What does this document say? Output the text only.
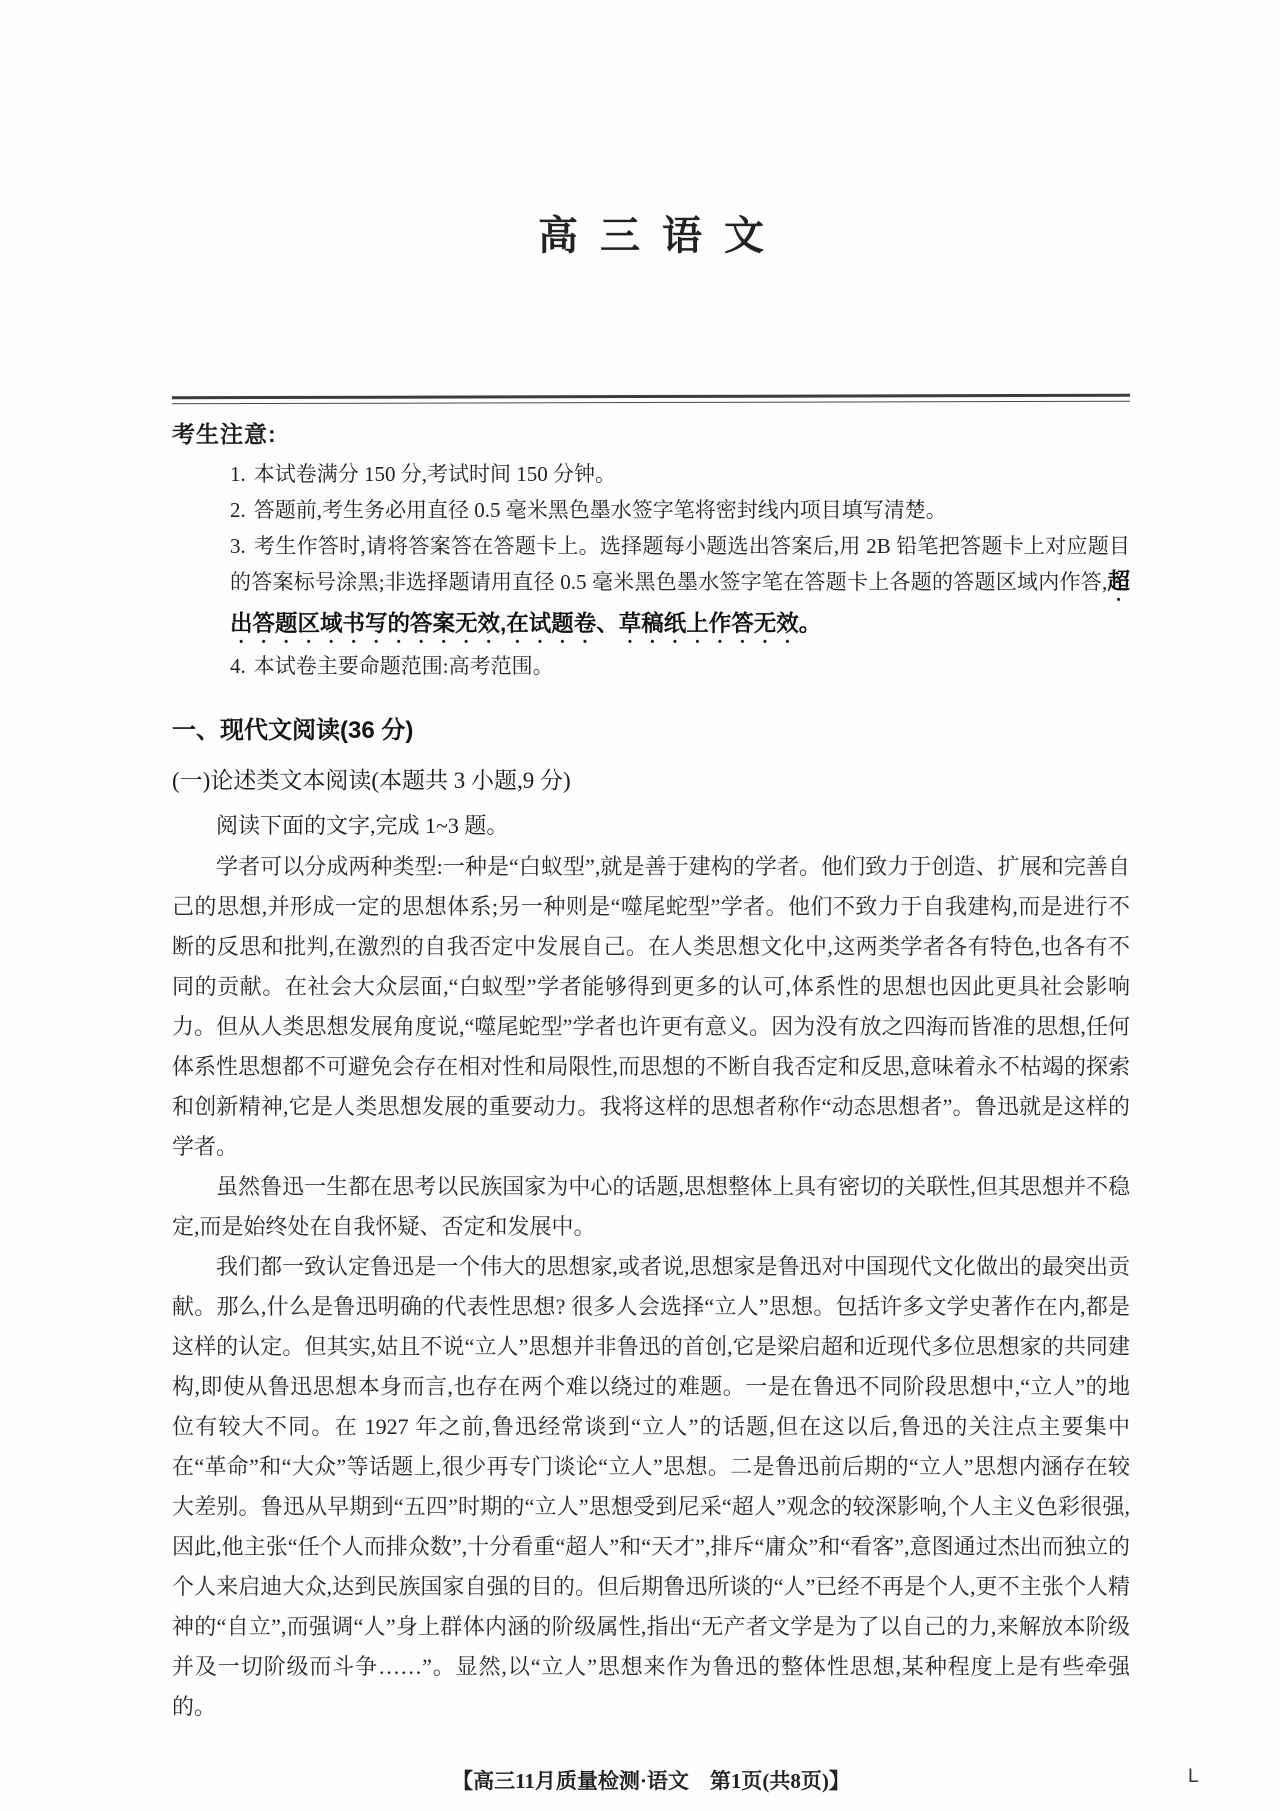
高三语文
考生注意:
1. 本试卷满分 150 分,考试时间 150 分钟。
2. 答题前,考生务必用直径 0.5 毫米黑色墨水签字笔将密封线内项目填写清楚。
3. 考生作答时,请将答案答在答题卡上。选择题每小题选出答案后,用 2B 铅笔把答题卡上对应题目的答案标号涂黑;非选择题请用直径 0.5 毫米黑色墨水签字笔在答题卡上各题的答题区域内作答,超出答题区域书写的答案无效,在试题卷、草稿纸上作答无效。
4. 本试卷主要命题范围:高考范围。
一、现代文阅读(36 分)
(一)论述类文本阅读(本题共 3 小题,9 分)
阅读下面的文字,完成 1~3 题。

学者可以分成两种类型:一种是“白蚁型”,就是善于建构的学者。他们致力于创造、扩展和完善自己的思想,并形成一定的思想体系;另一种则是“噬尾蛇型”学者。他们不致力于自我建构,而是进行不断的反思和批判,在激烈的自我否定中发展自己。在人类思想文化中,这两类学者各有特色,也各有不同的贡献。在社会大众层面,“白蚁型”学者能够得到更多的认可,体系性的思想也因此更具社会影响力。但从人类思想发展角度说,“噬尾蛇型”学者也许更有意义。因为没有放之四海而皆准的思想,任何体系性思想都不可避免会存在相对性和局限性,而思想的不断自我否定和反思,意味着永不枯竭的探索和创新精神,它是人类思想发展的重要动力。我将这样的思想者称作“动态思想者”。鲁迅就是这样的学者。

虽然鲁迅一生都在思考以民族国家为中心的话题,思想整体上具有密切的关联性,但其思想并不稳定,而是始终处在自我怀疑、否定和发展中。

我们都一致认定鲁迅是一个伟大的思想家,或者说,思想家是鲁迅对中国现代文化做出的最突出贡献。那么,什么是鲁迅明确的代表性思想? 很多人会选择“立人”思想。包括许多文学史著作在内,都是这样的认定。但其实,姑且不说“立人”思想并非鲁迅的首创,它是梁启超和近现代多位思想家的共同建构,即使从鲁迅思想本身而言,也存在两个难以绕过的难题。一是在鲁迅不同阶段思想中,“立人”的地位有较大不同。在 1927 年之前,鲁迅经常谈到“立人”的话题,但在这以后,鲁迅的关注点主要集中在“革命”和“大众”等话题上,很少再专门谈论“立人”思想。二是鲁迅前后期的“立人”思想内涵存在较大差别。鲁迅从早期到“五四”时期的“立人”思想受到尼采“超人”观念的较深影响,个人主义色彩很强,因此,他主张“任个人而排众数”,十分看重“超人”和“天才”,排斥“庸众”和“看客”,意图通过杰出而独立的个人来启迪大众,达到民族国家自强的目的。但后期鲁迅所谈的“人”已经不再是个人,更不主张个人精神的“自立”,而强调“人”身上群体内涵的阶级属性,指出“无产者文学是为了以自己的力,来解放本阶级并及一切阶级而斗争……”。显然,以“立人”思想来作为鲁迅的整体性思想,某种程度上是有些牵强的。

【高三11月质量检测·语文　第1页(共8页)】	L
